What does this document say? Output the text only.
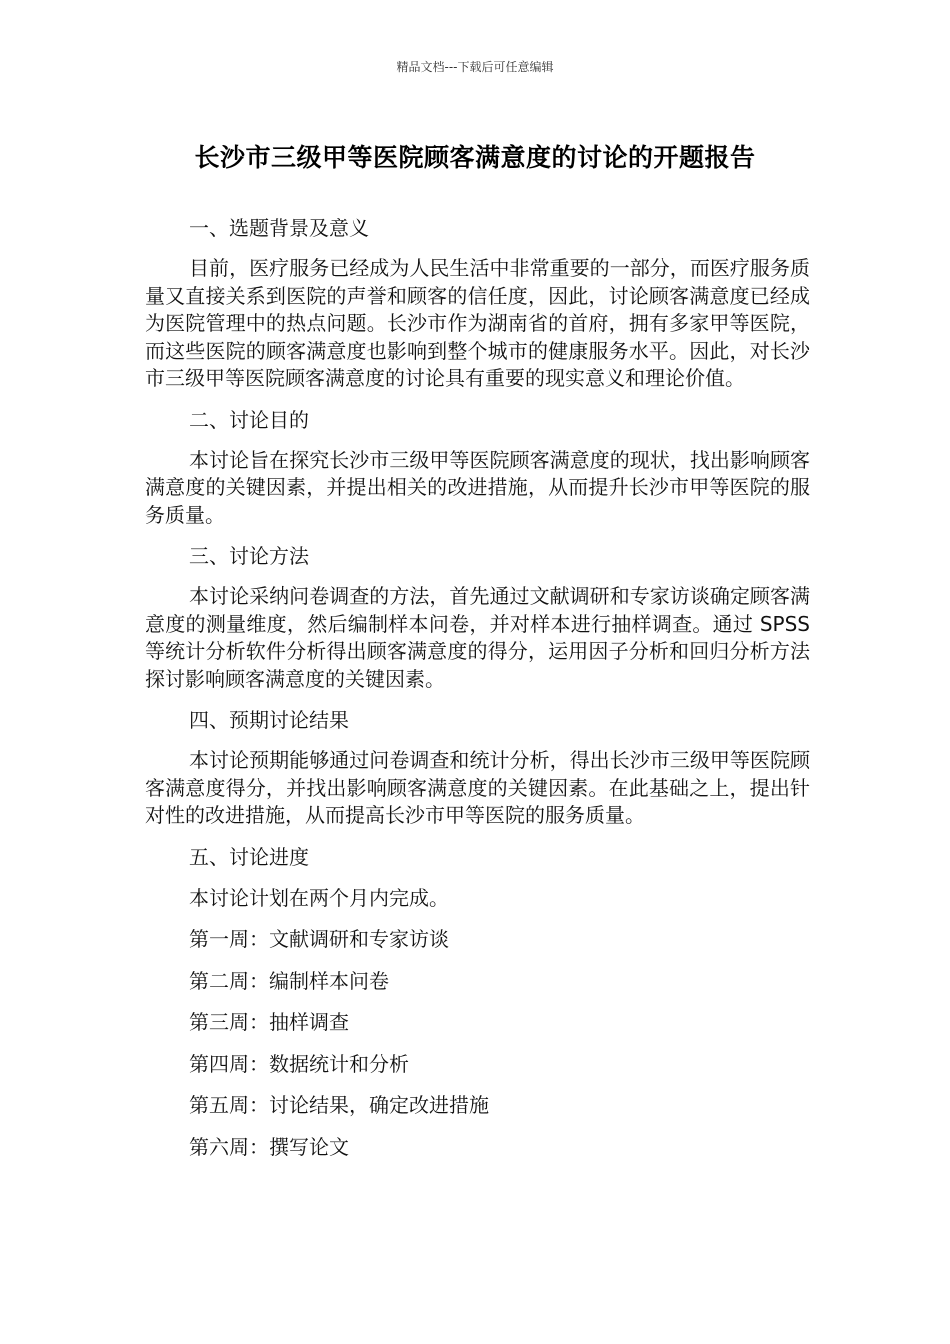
精品文档---下载后可任意编辑
长沙市三级甲等医院顾客满意度的讨论的开题报告
一、选题背景及意义
目前，医疗服务已经成为人民生活中非常重要的一部分，而医疗服务质量又直接关系到医院的声誉和顾客的信任度，因此，讨论顾客满意度已经成为医院管理中的热点问题。长沙市作为湖南省的首府，拥有多家甲等医院，而这些医院的顾客满意度也影响到整个城市的健康服务水平。因此，对长沙市三级甲等医院顾客满意度的讨论具有重要的现实意义和理论价值。
二、讨论目的
本讨论旨在探究长沙市三级甲等医院顾客满意度的现状，找出影响顾客满意度的关键因素，并提出相关的改进措施，从而提升长沙市甲等医院的服务质量。
三、讨论方法
本讨论采纳问卷调查的方法，首先通过文献调研和专家访谈确定顾客满意度的测量维度，然后编制样本问卷，并对样本进行抽样调查。通过 SPSS 等统计分析软件分析得出顾客满意度的得分，运用因子分析和回归分析方法探讨影响顾客满意度的关键因素。
四、预期讨论结果
本讨论预期能够通过问卷调查和统计分析，得出长沙市三级甲等医院顾客满意度得分，并找出影响顾客满意度的关键因素。在此基础之上，提出针对性的改进措施，从而提高长沙市甲等医院的服务质量。
五、讨论进度
本讨论计划在两个月内完成。
第一周：文献调研和专家访谈
第二周：编制样本问卷
第三周：抽样调查
第四周：数据统计和分析
第五周：讨论结果，确定改进措施
第六周：撰写论文
